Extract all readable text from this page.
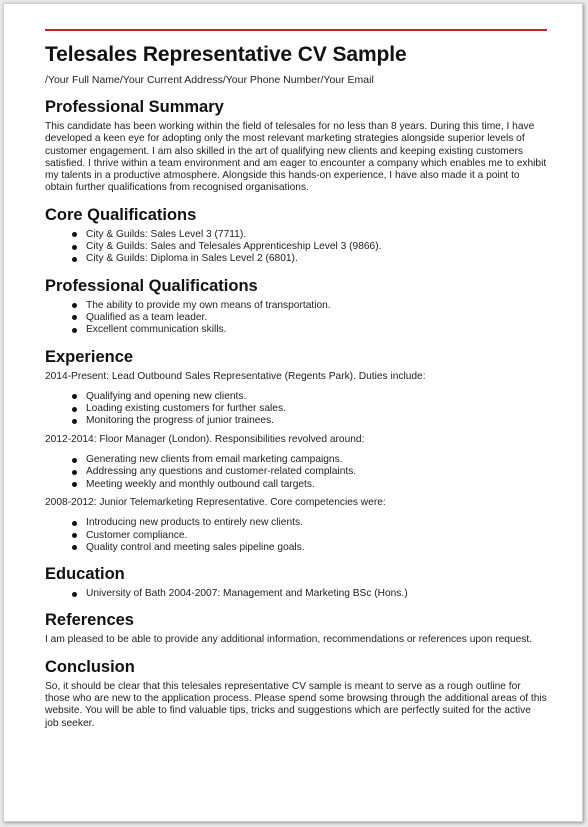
Telesales Representative CV Sample
/Your Full Name/Your Current Address/Your Phone Number/Your Email
Professional Summary

This candidate has been working within the field of telesales for no less than 8 years. During this time, I have developed a keen eye for adopting only the most relevant marketing strategies alongside superior levels of customer engagement. I am also skilled in the art of qualifying new clients and keeping existing customers satisfied. I thrive within a team environment and am eager to encounter a company which enables me to exhibit my talents in a productive atmosphere. Alongside this hands-on experience, I have also made it a point to obtain further qualifications from recognised organisations.

Core Qualifications
City & Guilds: Sales Level 3 (7711).
City & Guilds: Sales and Telesales Apprenticeship Level 3 (9866).
City & Guilds: Diploma in Sales Level 2 (6801).
Professional Qualifications
The ability to provide my own means of transportation.
Qualified as a team leader.
Excellent communication skills.
Experience

2014-Present: Lead Outbound Sales Representative (Regents Park). Duties include:

Qualifying and opening new clients.
Loading existing customers for further sales.
Monitoring the progress of junior trainees.

2012-2014: Floor Manager (London). Responsibilities revolved around:

Generating new clients from email marketing campaigns.
Addressing any questions and customer-related complaints.
Meeting weekly and monthly outbound call targets.

2008-2012: Junior Telemarketing Representative. Core competencies were:

Introducing new products to entirely new clients.
Customer compliance.
Quality control and meeting sales pipeline goals.
Education
University of Bath 2004-2007: Management and Marketing BSc (Hons.)
References

I am pleased to be able to provide any additional information, recommendations or references upon request.

Conclusion

So, it should be clear that this telesales representative CV sample is meant to serve as a rough outline for those who are new to the application process. Please spend some browsing through the additional areas of this website. You will be able to find valuable tips, tricks and suggestions which are perfectly suited for the active job seeker.
